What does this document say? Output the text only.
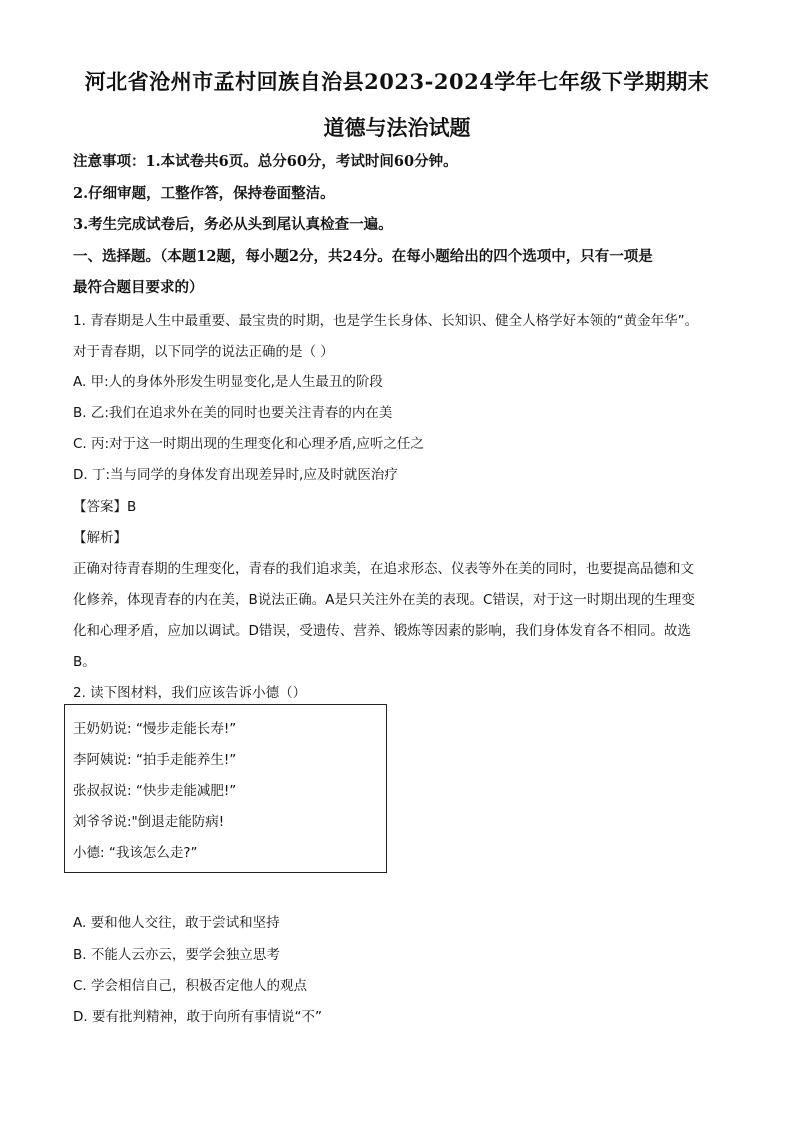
河北省沧州市孟村回族自治县2023-2024学年七年级下学期期末
道德与法治试题
注意事项：1.本试卷共6页。总分60分，考试时间60分钟。
2.仔细审题，工整作答，保持卷面整洁。
3.考生完成试卷后，务必从头到尾认真检查一遍。
一、选择题。（本题12题，每小题2分，共24分。在每小题给出的四个选项中，只有一项是
最符合题目要求的）
1. 青春期是人生中最重要、最宝贵的时期，也是学生长身体、长知识、健全人格学好本领的“黄金年华”。
对于青春期，以下同学的说法正确的是（ ）
A. 甲:人的身体外形发生明显变化,是人生最丑的阶段
B. 乙:我们在追求外在美的同时也要关注青春的内在美
C. 丙:对于这一时期出现的生理变化和心理矛盾,应听之任之
D. 丁:当与同学的身体发育出现差异时,应及时就医治疗
【答案】B
【解析】
正确对待青春期的生理变化，青春的我们追求美，在追求形态、仪表等外在美的同时，也要提高品德和文
化修养，体现青春的内在美，B说法正确。A是只关注外在美的表现。C错误，对于这一时期出现的生理变
化和心理矛盾，应加以调试。D错误，受遗传、营养、锻炼等因素的影响，我们身体发育各不相同。故选
B。
2. 读下图材料，我们应该告诉小德（）
王奶奶说: “慢步走能长寿!”
李阿姨说: “拍手走能养生!”
张叔叔说: “快步走能减肥!”
刘爷爷说:"倒退走能防病!
小德: “我该怎么走?”
A. 要和他人交往，敢于尝试和坚持
B. 不能人云亦云，要学会独立思考
C. 学会相信自己，积极否定他人的观点
D. 要有批判精神，敢于向所有事情说“不”
